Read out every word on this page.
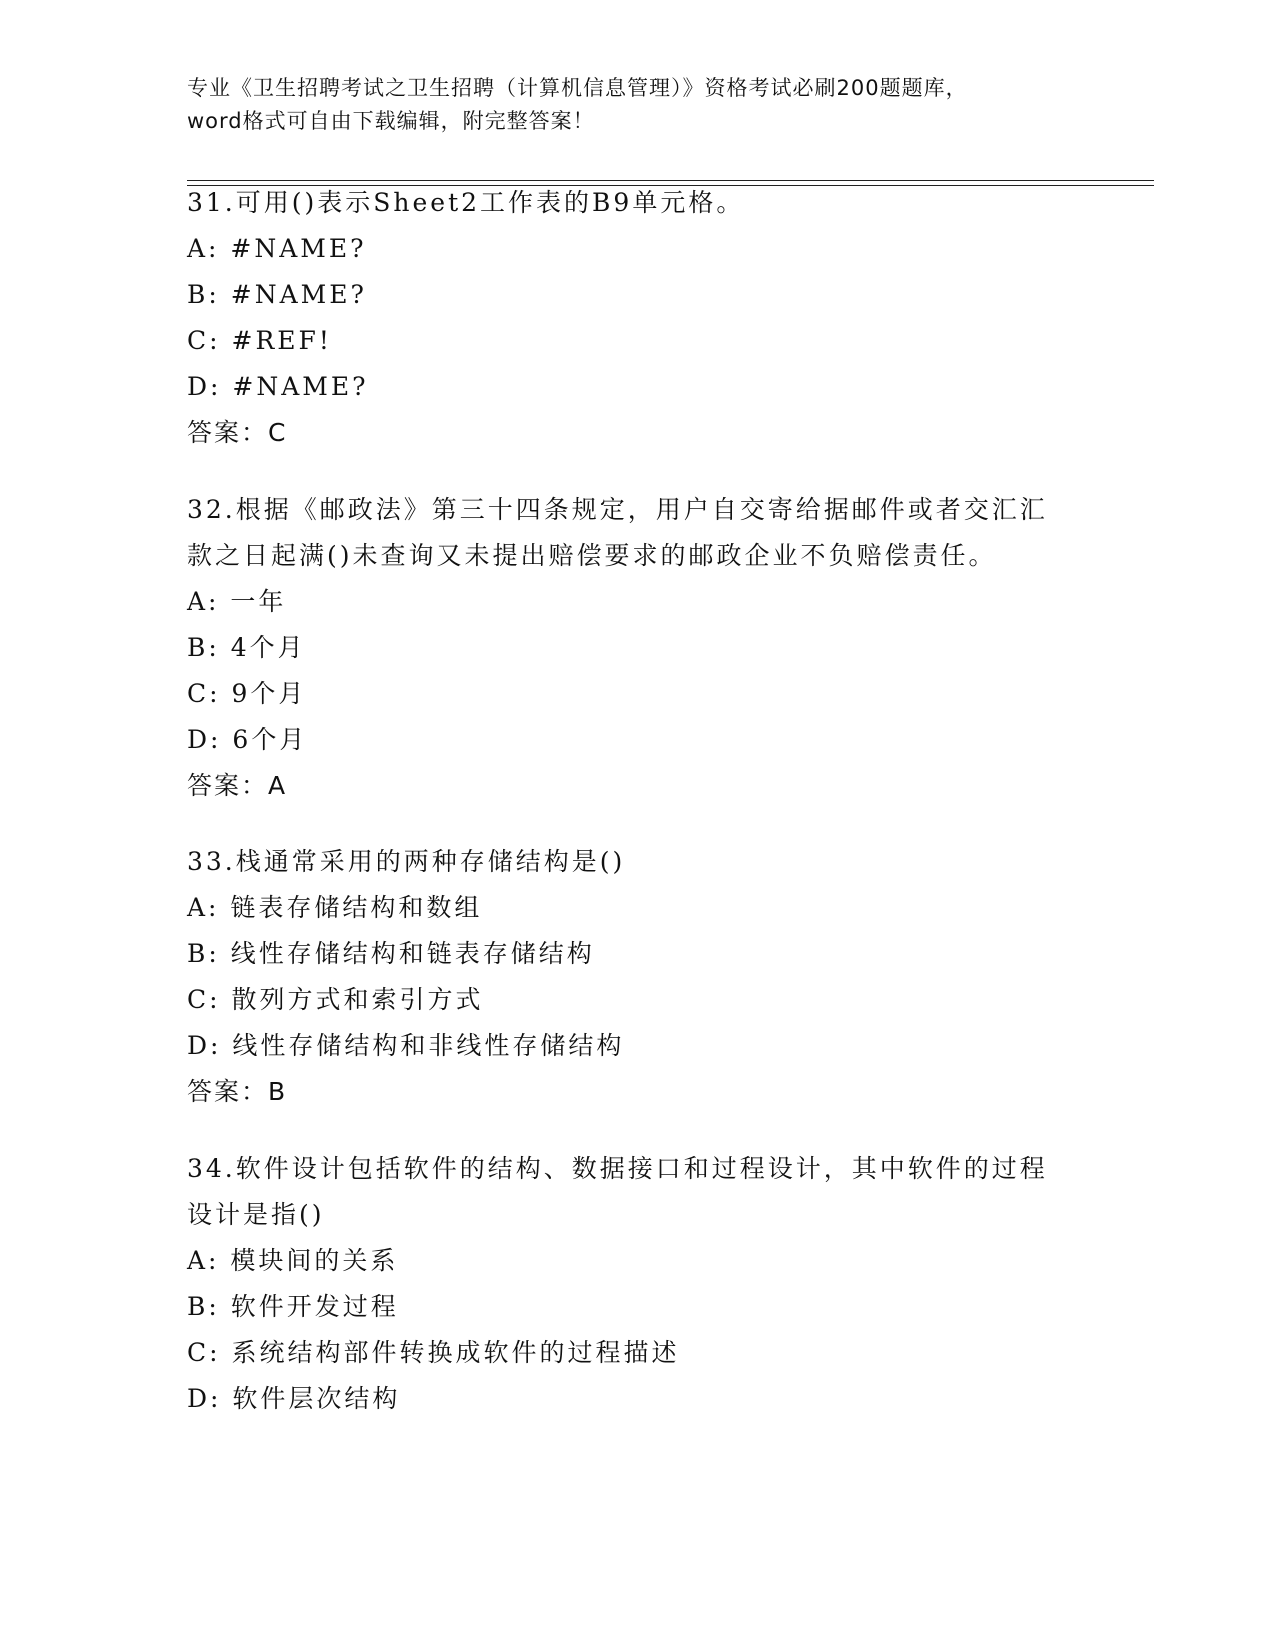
专业《卫生招聘考试之卫生招聘（计算机信息管理）》资格考试必刷200题题库，
word格式可自由下载编辑，附完整答案！
31.可用()表示Sheet2工作表的B9单元格。
A: #NAME?
B: #NAME?
C: #REF!
D: #NAME?
答案：C
32.根据《邮政法》第三十四条规定，用户自交寄给据邮件或者交汇汇
款之日起满()未查询又未提出赔偿要求的邮政企业不负赔偿责任。
A: 一年
B: 4个月
C: 9个月
D: 6个月
答案：A
33.栈通常采用的两种存储结构是()
A: 链表存储结构和数组
B: 线性存储结构和链表存储结构
C: 散列方式和索引方式
D: 线性存储结构和非线性存储结构
答案：B
34.软件设计包括软件的结构、数据接口和过程设计，其中软件的过程
设计是指()
A: 模块间的关系
B: 软件开发过程
C: 系统结构部件转换成软件的过程描述
D: 软件层次结构
